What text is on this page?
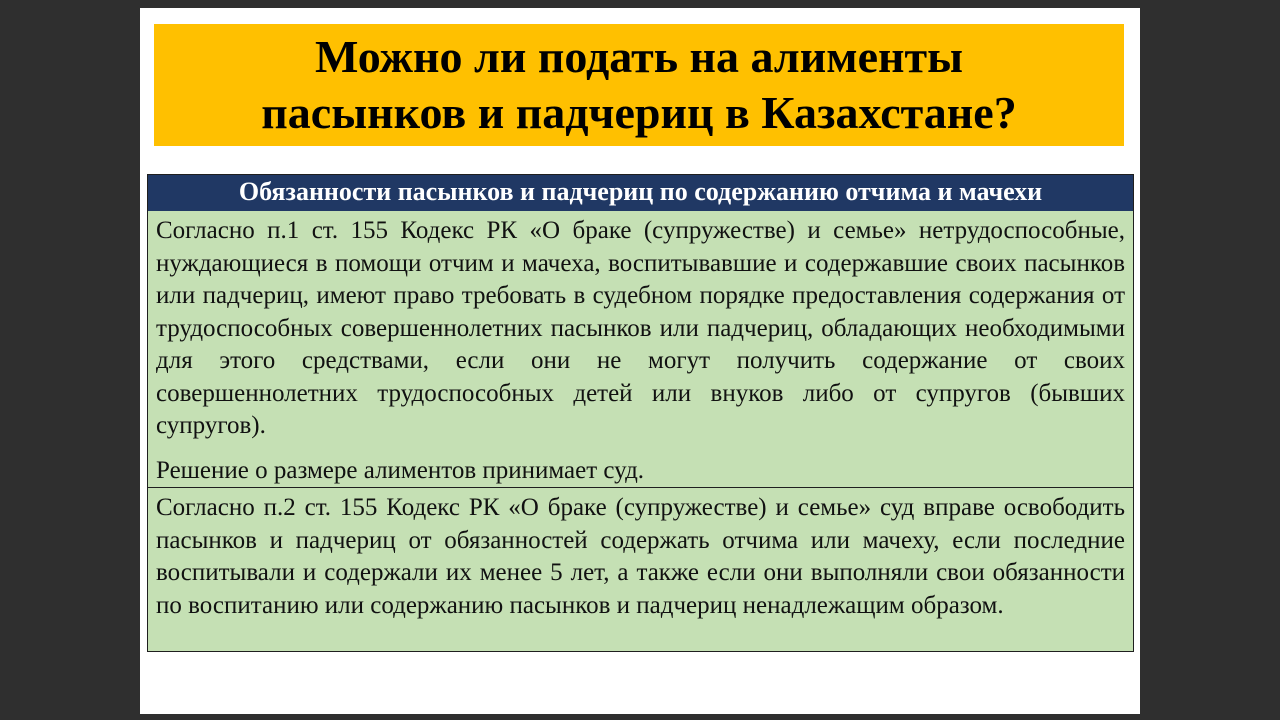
Можно ли подать на алименты

пасынков и падчериц в Казахстане?

Обязанности пасынков и падчериц по содержанию отчима и мачехи

Согласно п.1 ст. 155 Кодекс РК «О браке (супружестве) и семье» нетрудоспособные, нуждающиеся в помощи отчим и мачеха, воспитывавшие и содержавшие своих пасынков или падчериц, имеют право требовать в судебном порядке предоставления содержания от трудоспособных совершеннолетних пасынков или падчериц, обладающих необходимыми для этого средствами, если они не могут получить содержание от своих совершеннолетних трудоспособных детей или внуков либо от супругов (бывших супругов).

Решение о размере алиментов принимает суд.

Согласно п.2 ст. 155 Кодекс РК «О браке (супружестве) и семье» суд вправе освободить пасынков и падчериц от обязанностей содержать отчима или мачеху, если последние воспитывали и содержали их менее 5 лет, а также если они выполняли свои обязанности по воспитанию или содержанию пасынков и падчериц ненадлежащим образом.
